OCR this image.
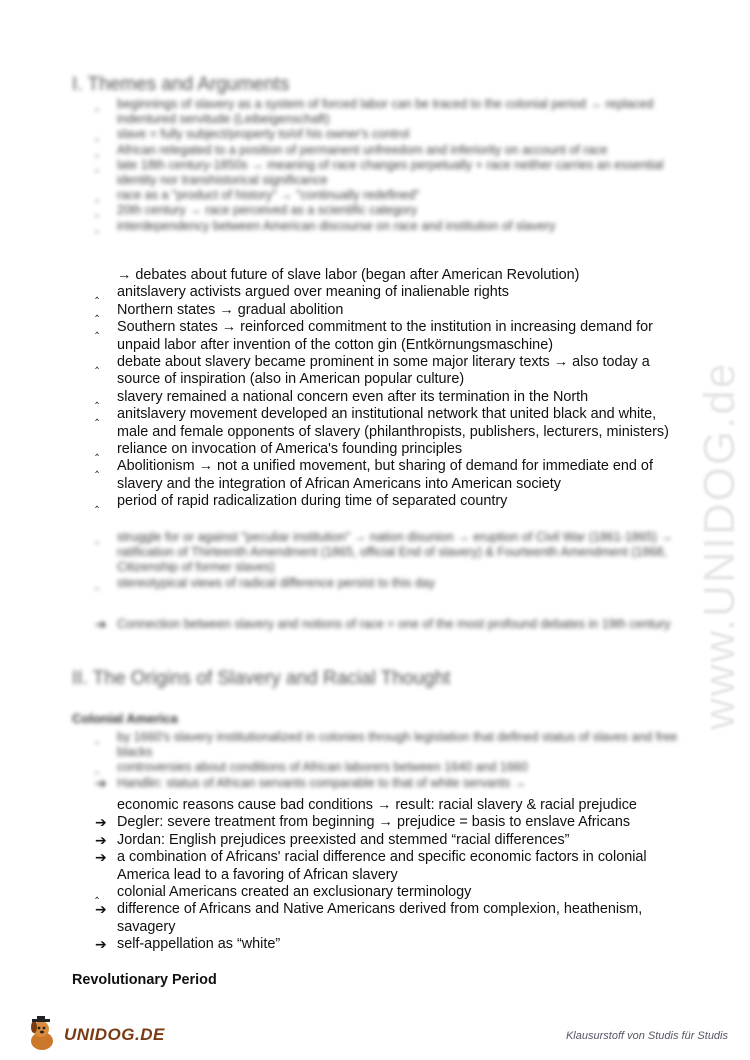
www.UNIDOG.de
I. Themes and Arguments
‸	beginnings of slavery as a system of forced labor can be traced to the colonial period → replaced indentured servitude (Leibeigenschaft)
‸	slave = fully subject/property to/of his owner's control
‸	African relegated to a position of permanent unfreedom and inferiority on account of race
‸	late 18th century-1850s → meaning of race changes perpetually + race neither carries an essential identity nor transhistorical significance
‸	race as a "product of history" → "continually redefined"
‸	20th century → race perceived as a scientific category
‸	interdependency between American discourse on race and institution of slavery
→ debates about future of slave labor (began after American Revolution)
‸	anitslavery activists argued over meaning of inalienable rights
‸	Northern states → gradual abolition
‸	Southern states → reinforced commitment to the institution in increasing demand for unpaid labor after invention of the cotton gin (Entkörnungsmaschine)
‸	debate about slavery became prominent in some major literary texts → also today a source of inspiration (also in American popular culture)
‸	slavery remained a national concern even after its termination in the North
‸	anitslavery movement developed an institutional network that united black and white, male and female opponents of slavery (philanthropists, publishers, lecturers, ministers)
‸	reliance on invocation of America's founding principles
‸	Abolitionism → not a unified movement, but sharing of demand for immediate end of slavery and the integration of African Americans into American society
‸	period of rapid radicalization during time of separated country
‸	struggle for or against "peculiar institution" → nation disunion → eruption of Civil War (1861-1865) → ratification of Thirteenth Amendment (1865, official End of slavery) & Fourteenth Amendment (1868, Citizenship of former slaves)
‸	stereotypical views of radical difference persist to this day
➔ Connection between slavery and notions of race = one of the most profound debates in 19th century
II. The Origins of Slavery and Racial Thought
Colonial America
‸	by 1660's slavery institutionalized in colonies through legislation that defined status of slaves and free blacks
‸	controversies about conditions of African laborers between 1640 and 1660
➔ Handlin: status of African servants comparable to that of white servants →
economic reasons cause bad conditions → result: racial slavery & racial prejudice
➔ Degler: severe treatment from beginning → prejudice = basis to enslave Africans
➔ Jordan: English prejudices preexisted and stemmed “racial differences”
➔ a combination of Africans' racial difference and specific economic factors in colonial America lead to a favoring of African slavery
‸	colonial Americans created an exclusionary terminology
➔ difference of Africans and Native Americans derived from complexion, heathenism, savagery
➔ self-appellation as “white”
Revolutionary Period
UNIDOG.DE	Klausurstoff von Studis für Studis
